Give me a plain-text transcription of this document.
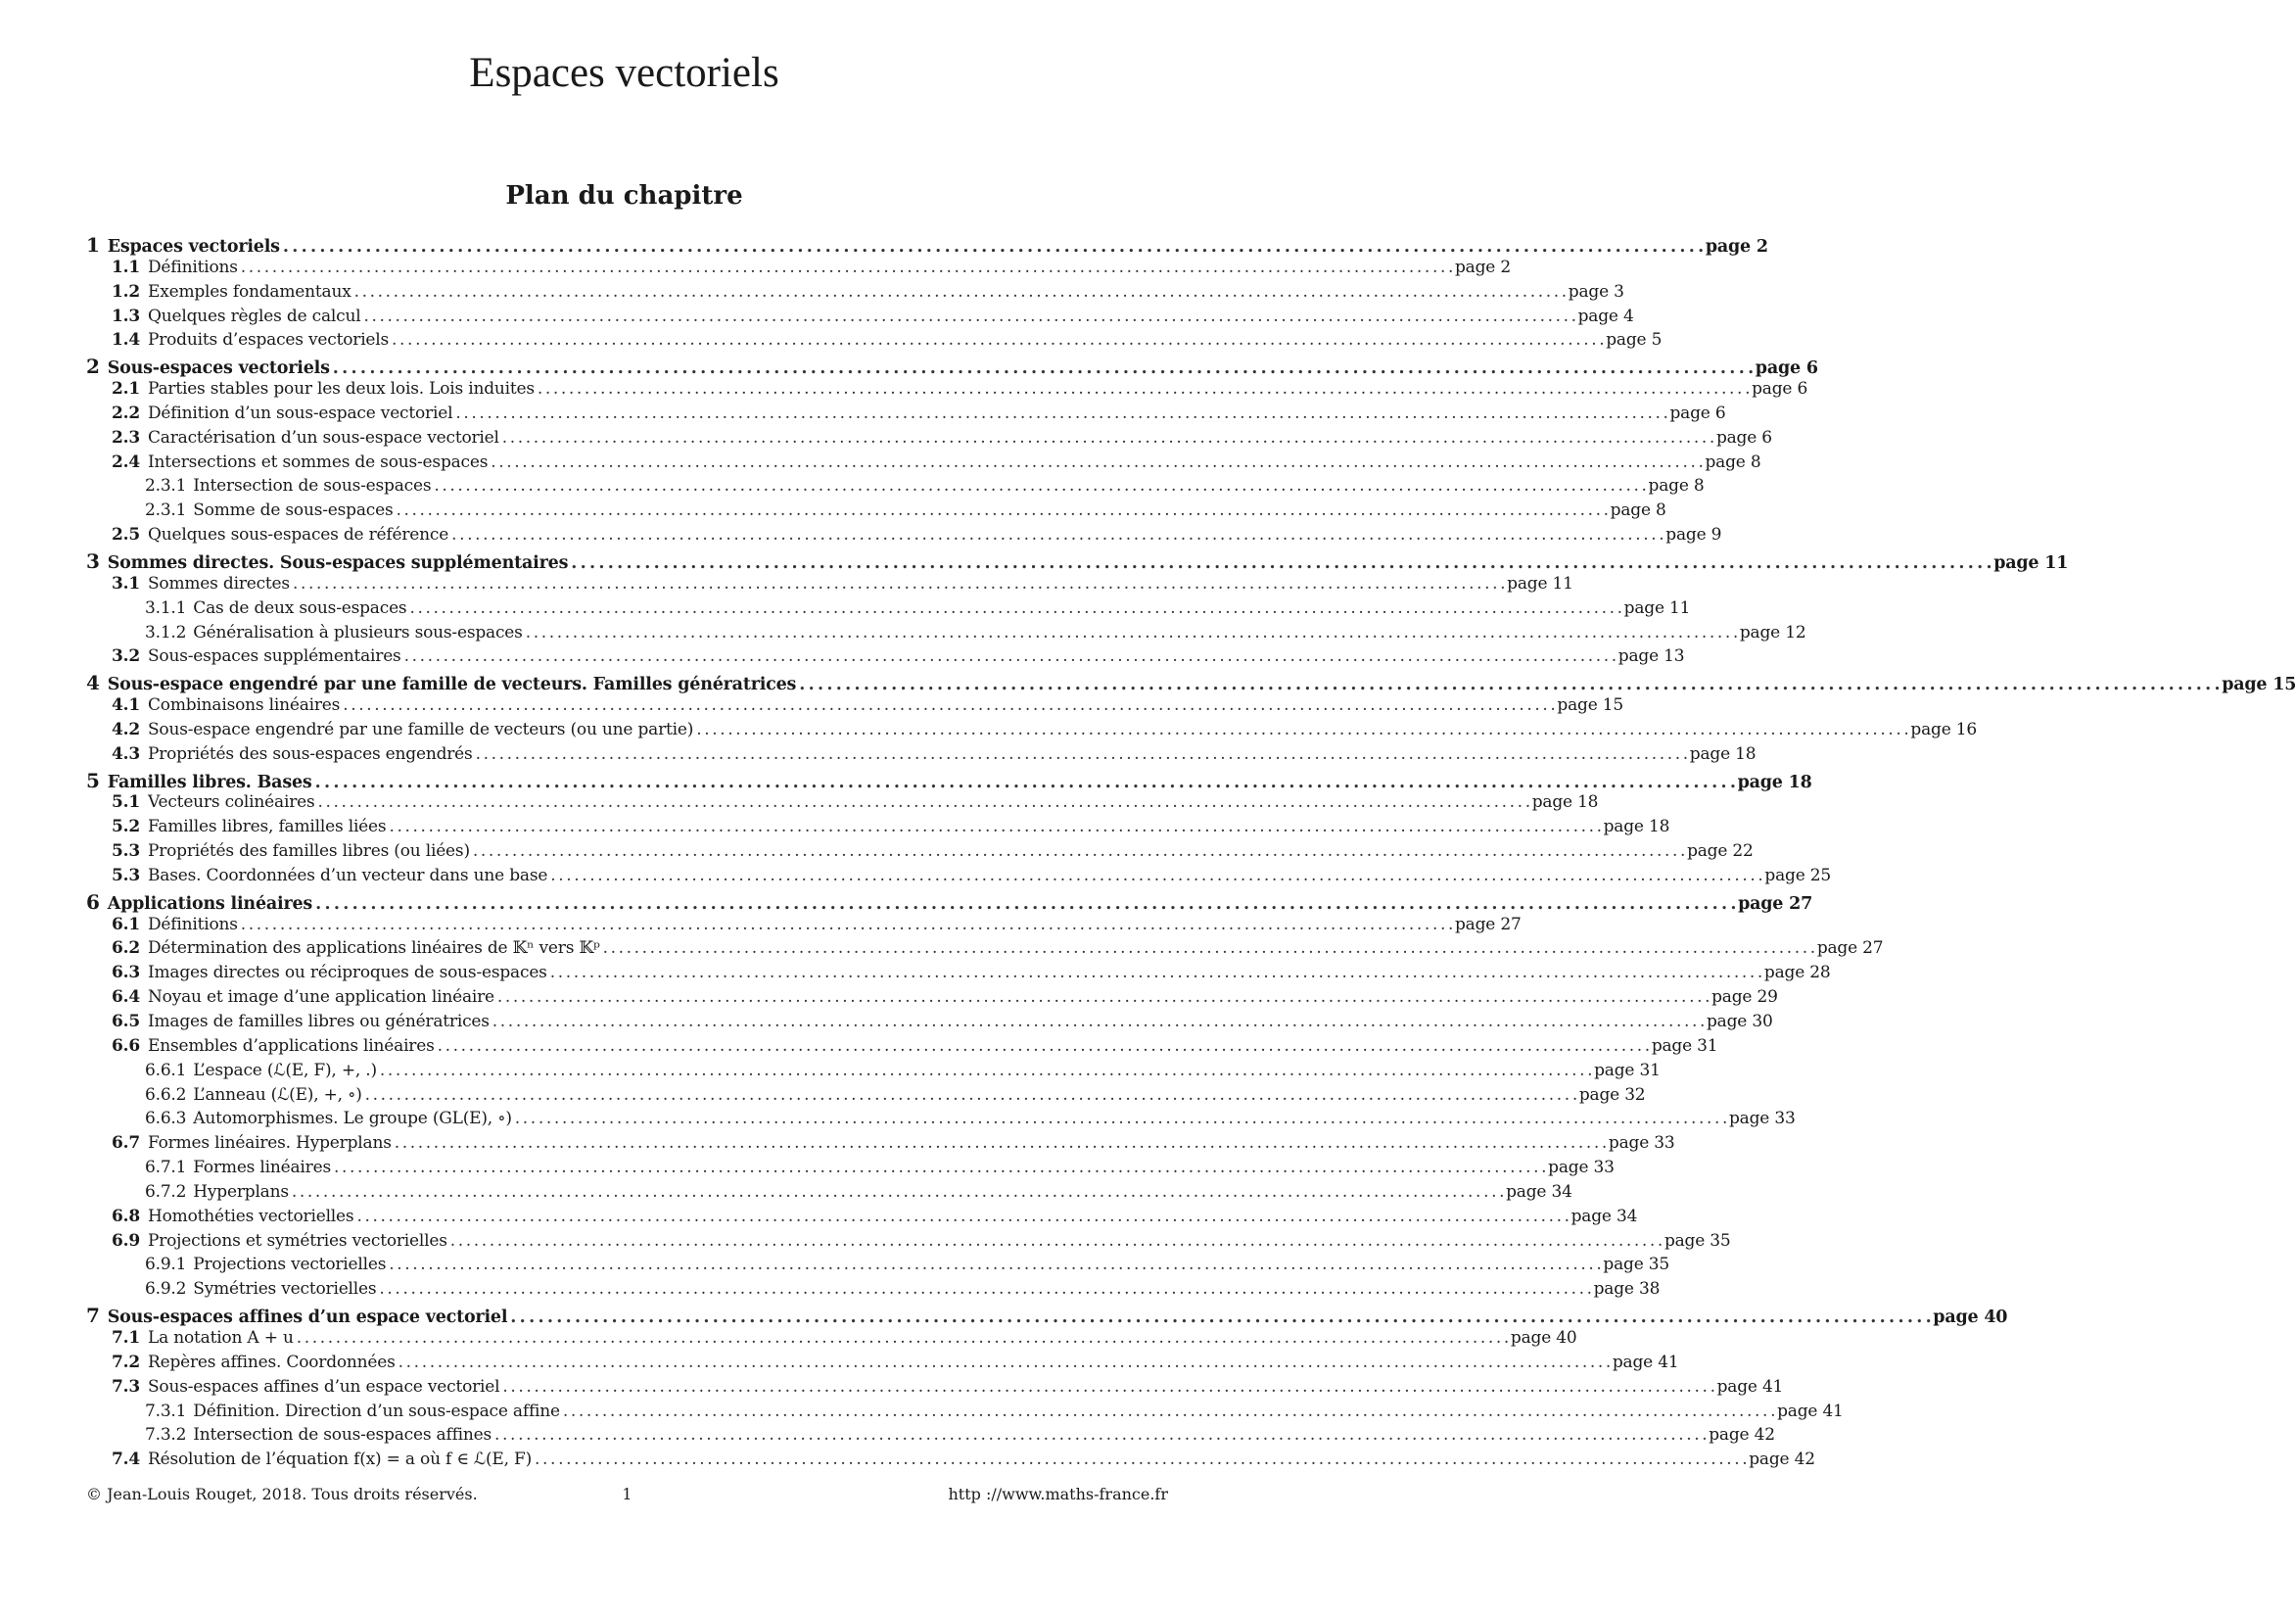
Espaces vectoriels
Plan du chapitre
1 Espaces vectoriels . . .	page 2
1.1 Définitions . . .	page 2
1.2 Exemples fondamentaux . . .	page 3
1.3 Quelques règles de calcul . . .	page 4
1.4 Produits d’espaces vectoriels . . .	page 5
2 Sous-espaces vectoriels . . .	page 6
2.1 Parties stables pour les deux lois. Lois induites . . .	page 6
2.2 Définition d’un sous-espace vectoriel . . .	page 6
2.3 Caractérisation d’un sous-espace vectoriel . . .	page 6
2.4 Intersections et sommes de sous-espaces . . .	page 8
2.3.1 Intersection de sous-espaces . . .	page 8
2.3.1 Somme de sous-espaces . . .	page 8
2.5 Quelques sous-espaces de référence . . .	page 9
3 Sommes directes. Sous-espaces supplémentaires . . .	page 11
3.1 Sommes directes . . .	page 11
3.1.1 Cas de deux sous-espaces . . .	page 11
3.1.2 Généralisation à plusieurs sous-espaces . . .	page 12
3.2 Sous-espaces supplémentaires . . .	page 13
4 Sous-espace engendré par une famille de vecteurs. Familles génératrices . . .	page 15
4.1 Combinaisons linéaires . . .	page 15
4.2 Sous-espace engendré par une famille de vecteurs (ou une partie) . . .	page 16
4.3 Propriétés des sous-espaces engendrés . . .	page 18
5 Familles libres. Bases . . .	page 18
5.1 Vecteurs colinéaires . . .	page 18
5.2 Familles libres, familles liées . . .	page 18
5.3 Propriétés des familles libres (ou liées) . . .	page 22
5.3 Bases. Coordonnées d’un vecteur dans une base . . .	page 25
6 Applications linéaires . . .	page 27
6.1 Définitions . . .	page 27
6.2 Détermination des applications linéaires de 𝕂ⁿ vers 𝕂ᵖ . . .	page 27
6.3 Images directes ou réciproques de sous-espaces . . .	page 28
6.4 Noyau et image d’une application linéaire . . .	page 29
6.5 Images de familles libres ou génératrices . . .	page 30
6.6 Ensembles d’applications linéaires . . .	page 31
6.6.1 L’espace (ℒ(E, F), +, .) . . .	page 31
6.6.2 L’anneau (ℒ(E), +, ∘) . . .	page 32
6.6.3 Automorphismes. Le groupe (GL(E), ∘) . . .	page 33
6.7 Formes linéaires. Hyperplans . . .	page 33
6.7.1 Formes linéaires . . .	page 33
6.7.2 Hyperplans . . .	page 34
6.8 Homothéties vectorielles . . .	page 34
6.9 Projections et symétries vectorielles . . .	page 35
6.9.1 Projections vectorielles . . .	page 35
6.9.2 Symétries vectorielles . . .	page 38
7 Sous-espaces affines d’un espace vectoriel . . .	page 40
7.1 La notation A + u . . .	page 40
7.2 Repères affines. Coordonnées . . .	page 41
7.3 Sous-espaces affines d’un espace vectoriel . . .	page 41
7.3.1 Définition. Direction d’un sous-espace affine . . .	page 41
7.3.2 Intersection de sous-espaces affines . . .	page 42
7.4 Résolution de l’équation f(x) = a où f ∈ ℒ(E, F) . . .	page 42
© Jean-Louis Rouget, 2018. Tous droits réservés.	1	http ://www.maths-france.fr
